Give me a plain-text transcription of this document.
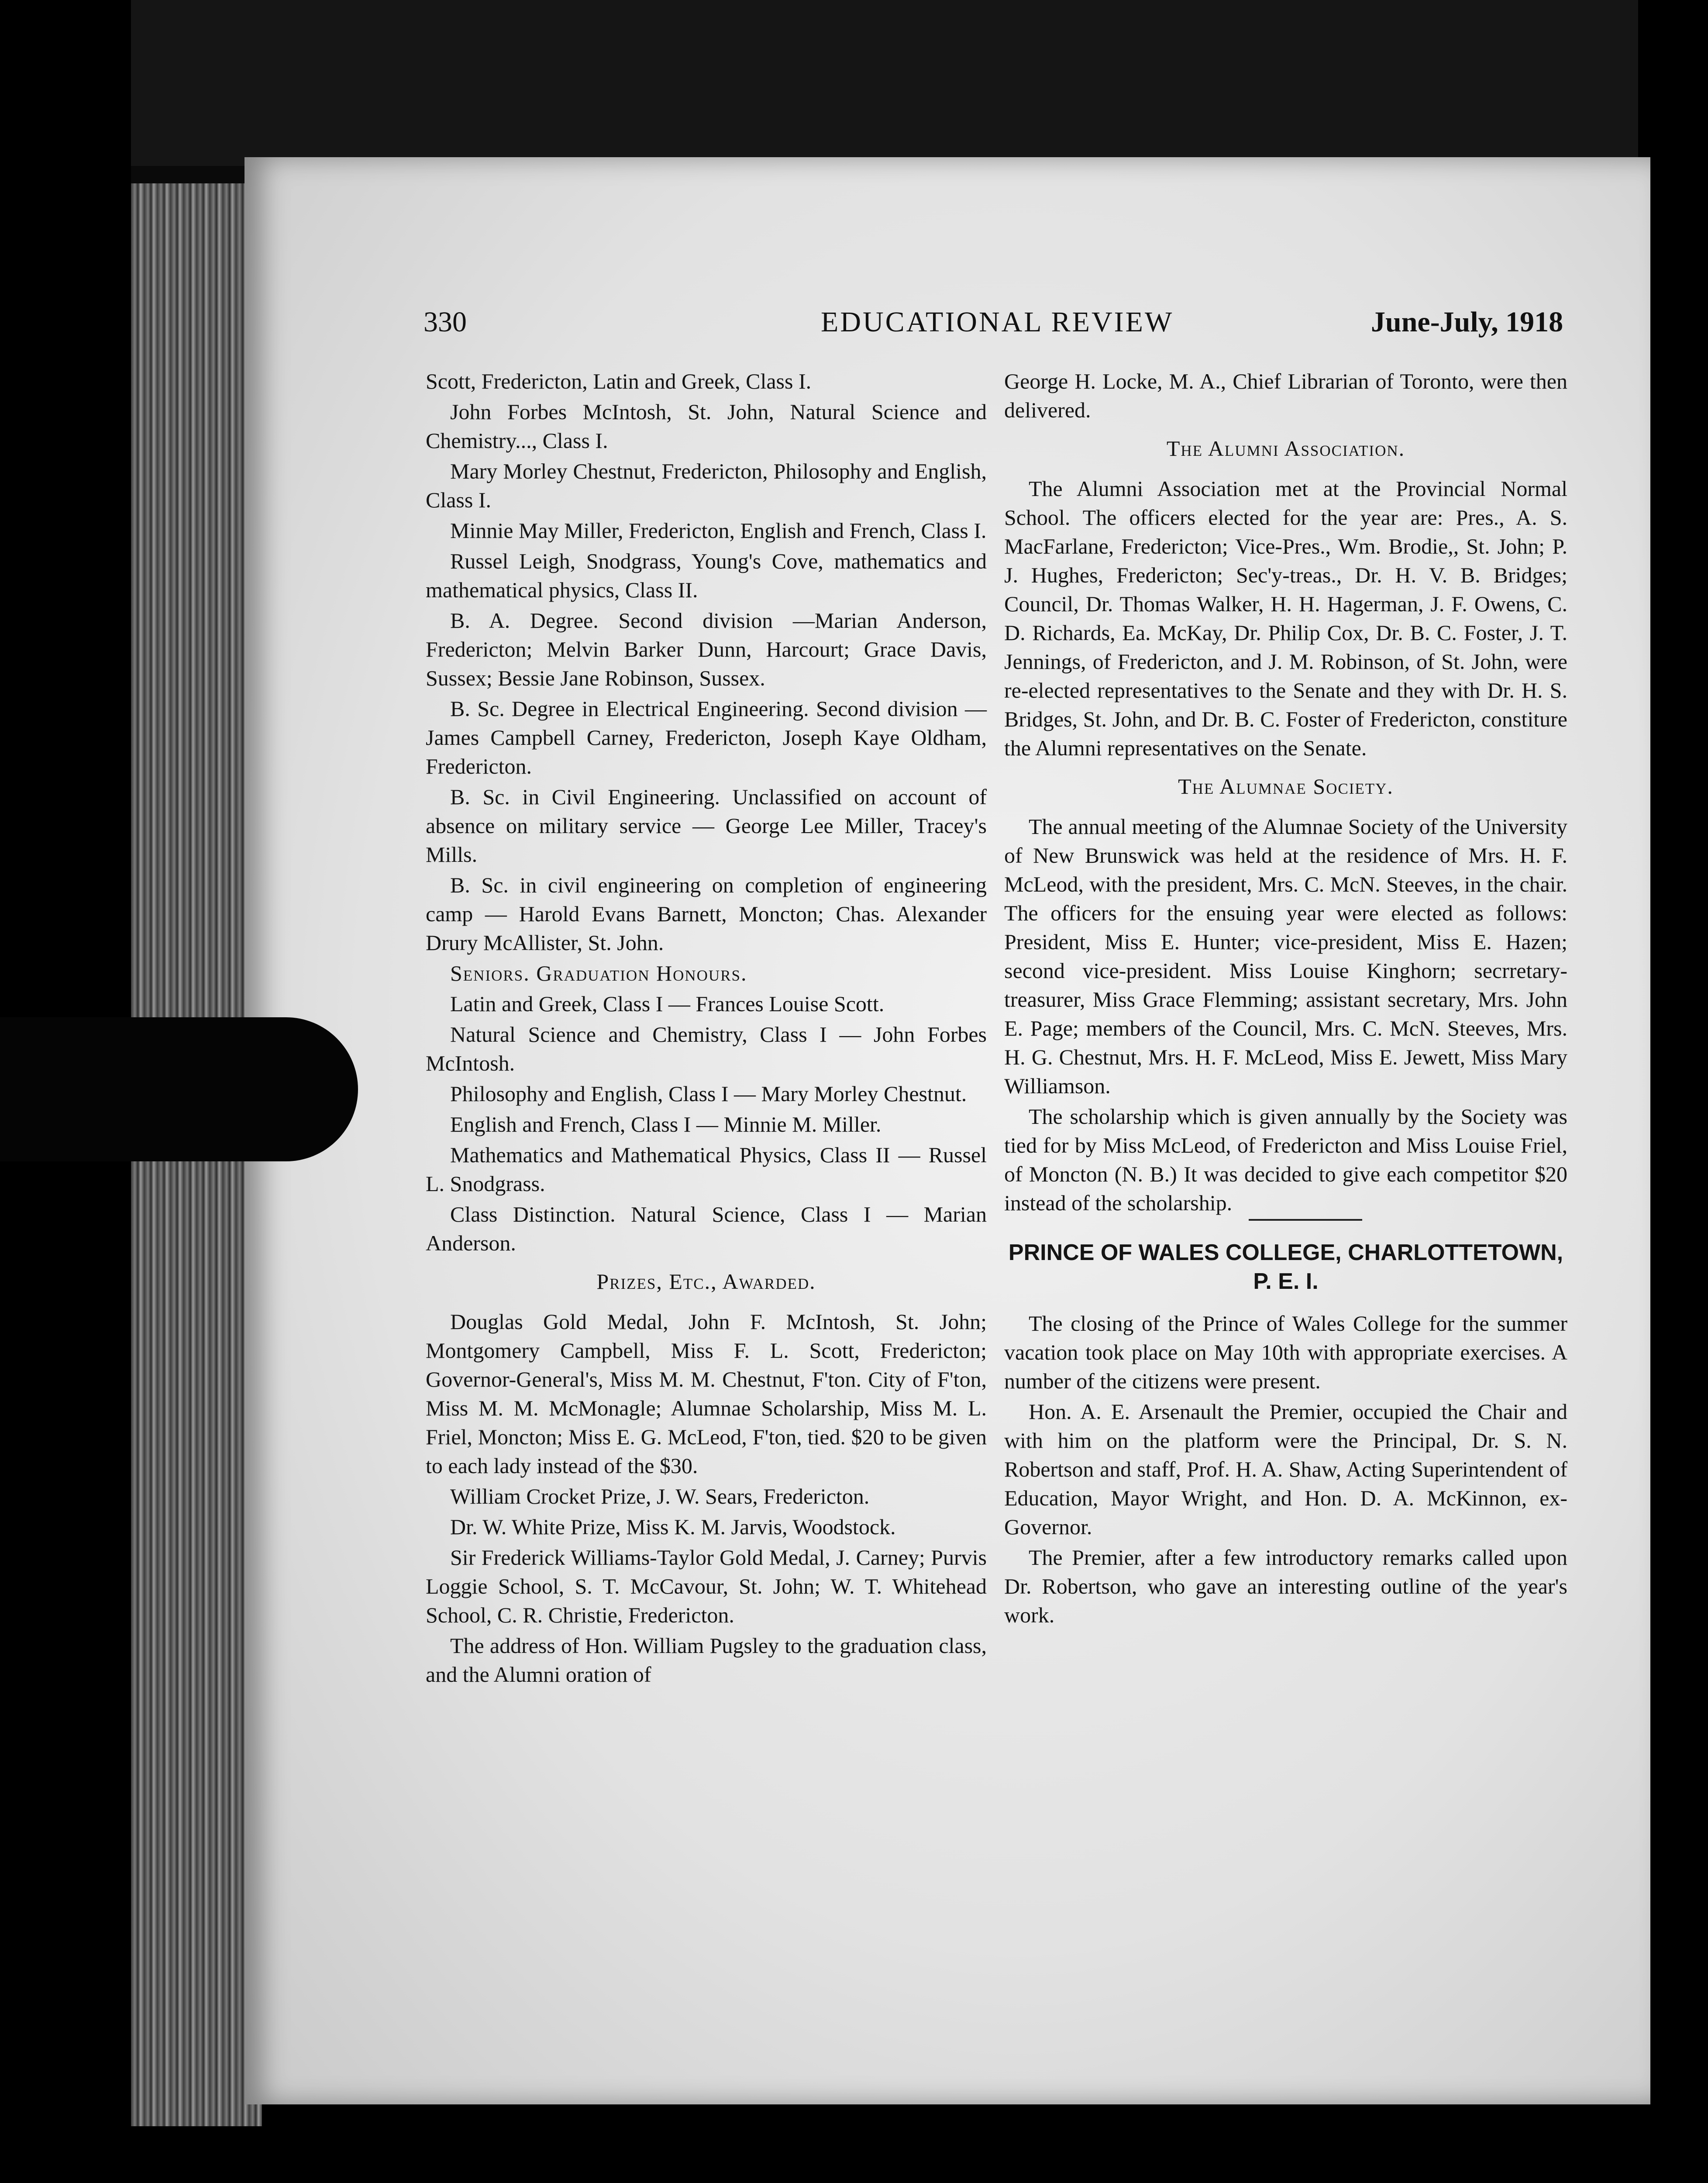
330	EDUCATIONAL REVIEW	June-July, 1918

Scott, Fredericton, Latin and Greek, Class I.

John Forbes McIntosh, St. John, Natural Science and Chemistry..., Class I.

Mary Morley Chestnut, Fredericton, Philosophy and English, Class I.

Minnie May Miller, Fredericton, English and French, Class I.

Russel Leigh, Snodgrass, Young's Cove, mathematics and mathematical physics, Class II.

B. A. Degree. Second division —Marian Anderson, Fredericton; Melvin Barker Dunn, Harcourt; Grace Davis, Sussex; Bessie Jane Robinson, Sussex.

B. Sc. Degree in Electrical Engineering. Second division — James Campbell Carney, Fredericton, Joseph Kaye Oldham, Fredericton.

B. Sc. in Civil Engineering. Unclassified on account of absence on military service — George Lee Miller, Tracey's Mills.

B. Sc. in civil engineering on completion of engineering camp — Harold Evans Barnett, Moncton; Chas. Alexander Drury McAllister, St. John.

Seniors. Graduation Honours.

Latin and Greek, Class I — Frances Louise Scott.

Natural Science and Chemistry, Class I — John Forbes McIntosh.

Philosophy and English, Class I — Mary Morley Chestnut.

English and French, Class I — Minnie M. Miller.

Mathematics and Mathematical Physics, Class II — Russel L. Snodgrass.

Class Distinction. Natural Science, Class I — Marian Anderson.

Prizes, Etc., Awarded.

Douglas Gold Medal, John F. McIntosh, St. John; Montgomery Campbell, Miss F. L. Scott, Fredericton; Governor-General's, Miss M. M. Chestnut, F'ton. City of F'ton, Miss M. M. McMonagle; Alumnae Scholarship, Miss M. L. Friel, Moncton; Miss E. G. McLeod, F'ton, tied. $20 to be given to each lady instead of the $30.

William Crocket Prize, J. W. Sears, Fredericton.

Dr. W. White Prize, Miss K. M. Jarvis, Woodstock.

Sir Frederick Williams-Taylor Gold Medal, J. Carney; Purvis Loggie School, S. T. McCavour, St. John; W. T. Whitehead School, C. R. Christie, Fredericton.

The address of Hon. William Pugsley to the graduation class, and the Alumni oration of

George H. Locke, M. A., Chief Librarian of Toronto, were then delivered.

The Alumni Association.

The Alumni Association met at the Provincial Normal School. The officers elected for the year are: Pres., A. S. MacFarlane, Fredericton; Vice-Pres., Wm. Brodie,, St. John; P. J. Hughes, Fredericton; Sec'y-treas., Dr. H. V. B. Bridges; Council, Dr. Thomas Walker, H. H. Hagerman, J. F. Owens, C. D. Richards, Ea. McKay, Dr. Philip Cox, Dr. B. C. Foster, J. T. Jennings, of Fredericton, and J. M. Robinson, of St. John, were re-elected representatives to the Senate and they with Dr. H. S. Bridges, St. John, and Dr. B. C. Foster of Fredericton, constiture the Alumni representatives on the Senate.

The Alumnae Society.

The annual meeting of the Alumnae Society of the University of New Brunswick was held at the residence of Mrs. H. F. McLeod, with the president, Mrs. C. McN. Steeves, in the chair. The officers for the ensuing year were elected as follows: President, Miss E. Hunter; vice-president, Miss E. Hazen; second vice-president. Miss Louise Kinghorn; secrretary-treasurer, Miss Grace Flemming; assistant secretary, Mrs. John E. Page; members of the Council, Mrs. C. McN. Steeves, Mrs. H. G. Chestnut, Mrs. H. F. McLeod, Miss E. Jewett, Miss Mary Williamson.

The scholarship which is given annually by the Society was tied for by Miss McLeod, of Fredericton and Miss Louise Friel, of Moncton (N. B.) It was decided to give each competitor $20 instead of the scholarship.

PRINCE OF WALES COLLEGE, CHARLOTTETOWN, P. E. I.

The closing of the Prince of Wales College for the summer vacation took place on May 10th with appropriate exercises. A number of the citizens were present.

Hon. A. E. Arsenault the Premier, occupied the Chair and with him on the platform were the Principal, Dr. S. N. Robertson and staff, Prof. H. A. Shaw, Acting Superintendent of Education, Mayor Wright, and Hon. D. A. McKinnon, ex-Governor.

The Premier, after a few introductory remarks called upon Dr. Robertson, who gave an interesting outline of the year's work.
